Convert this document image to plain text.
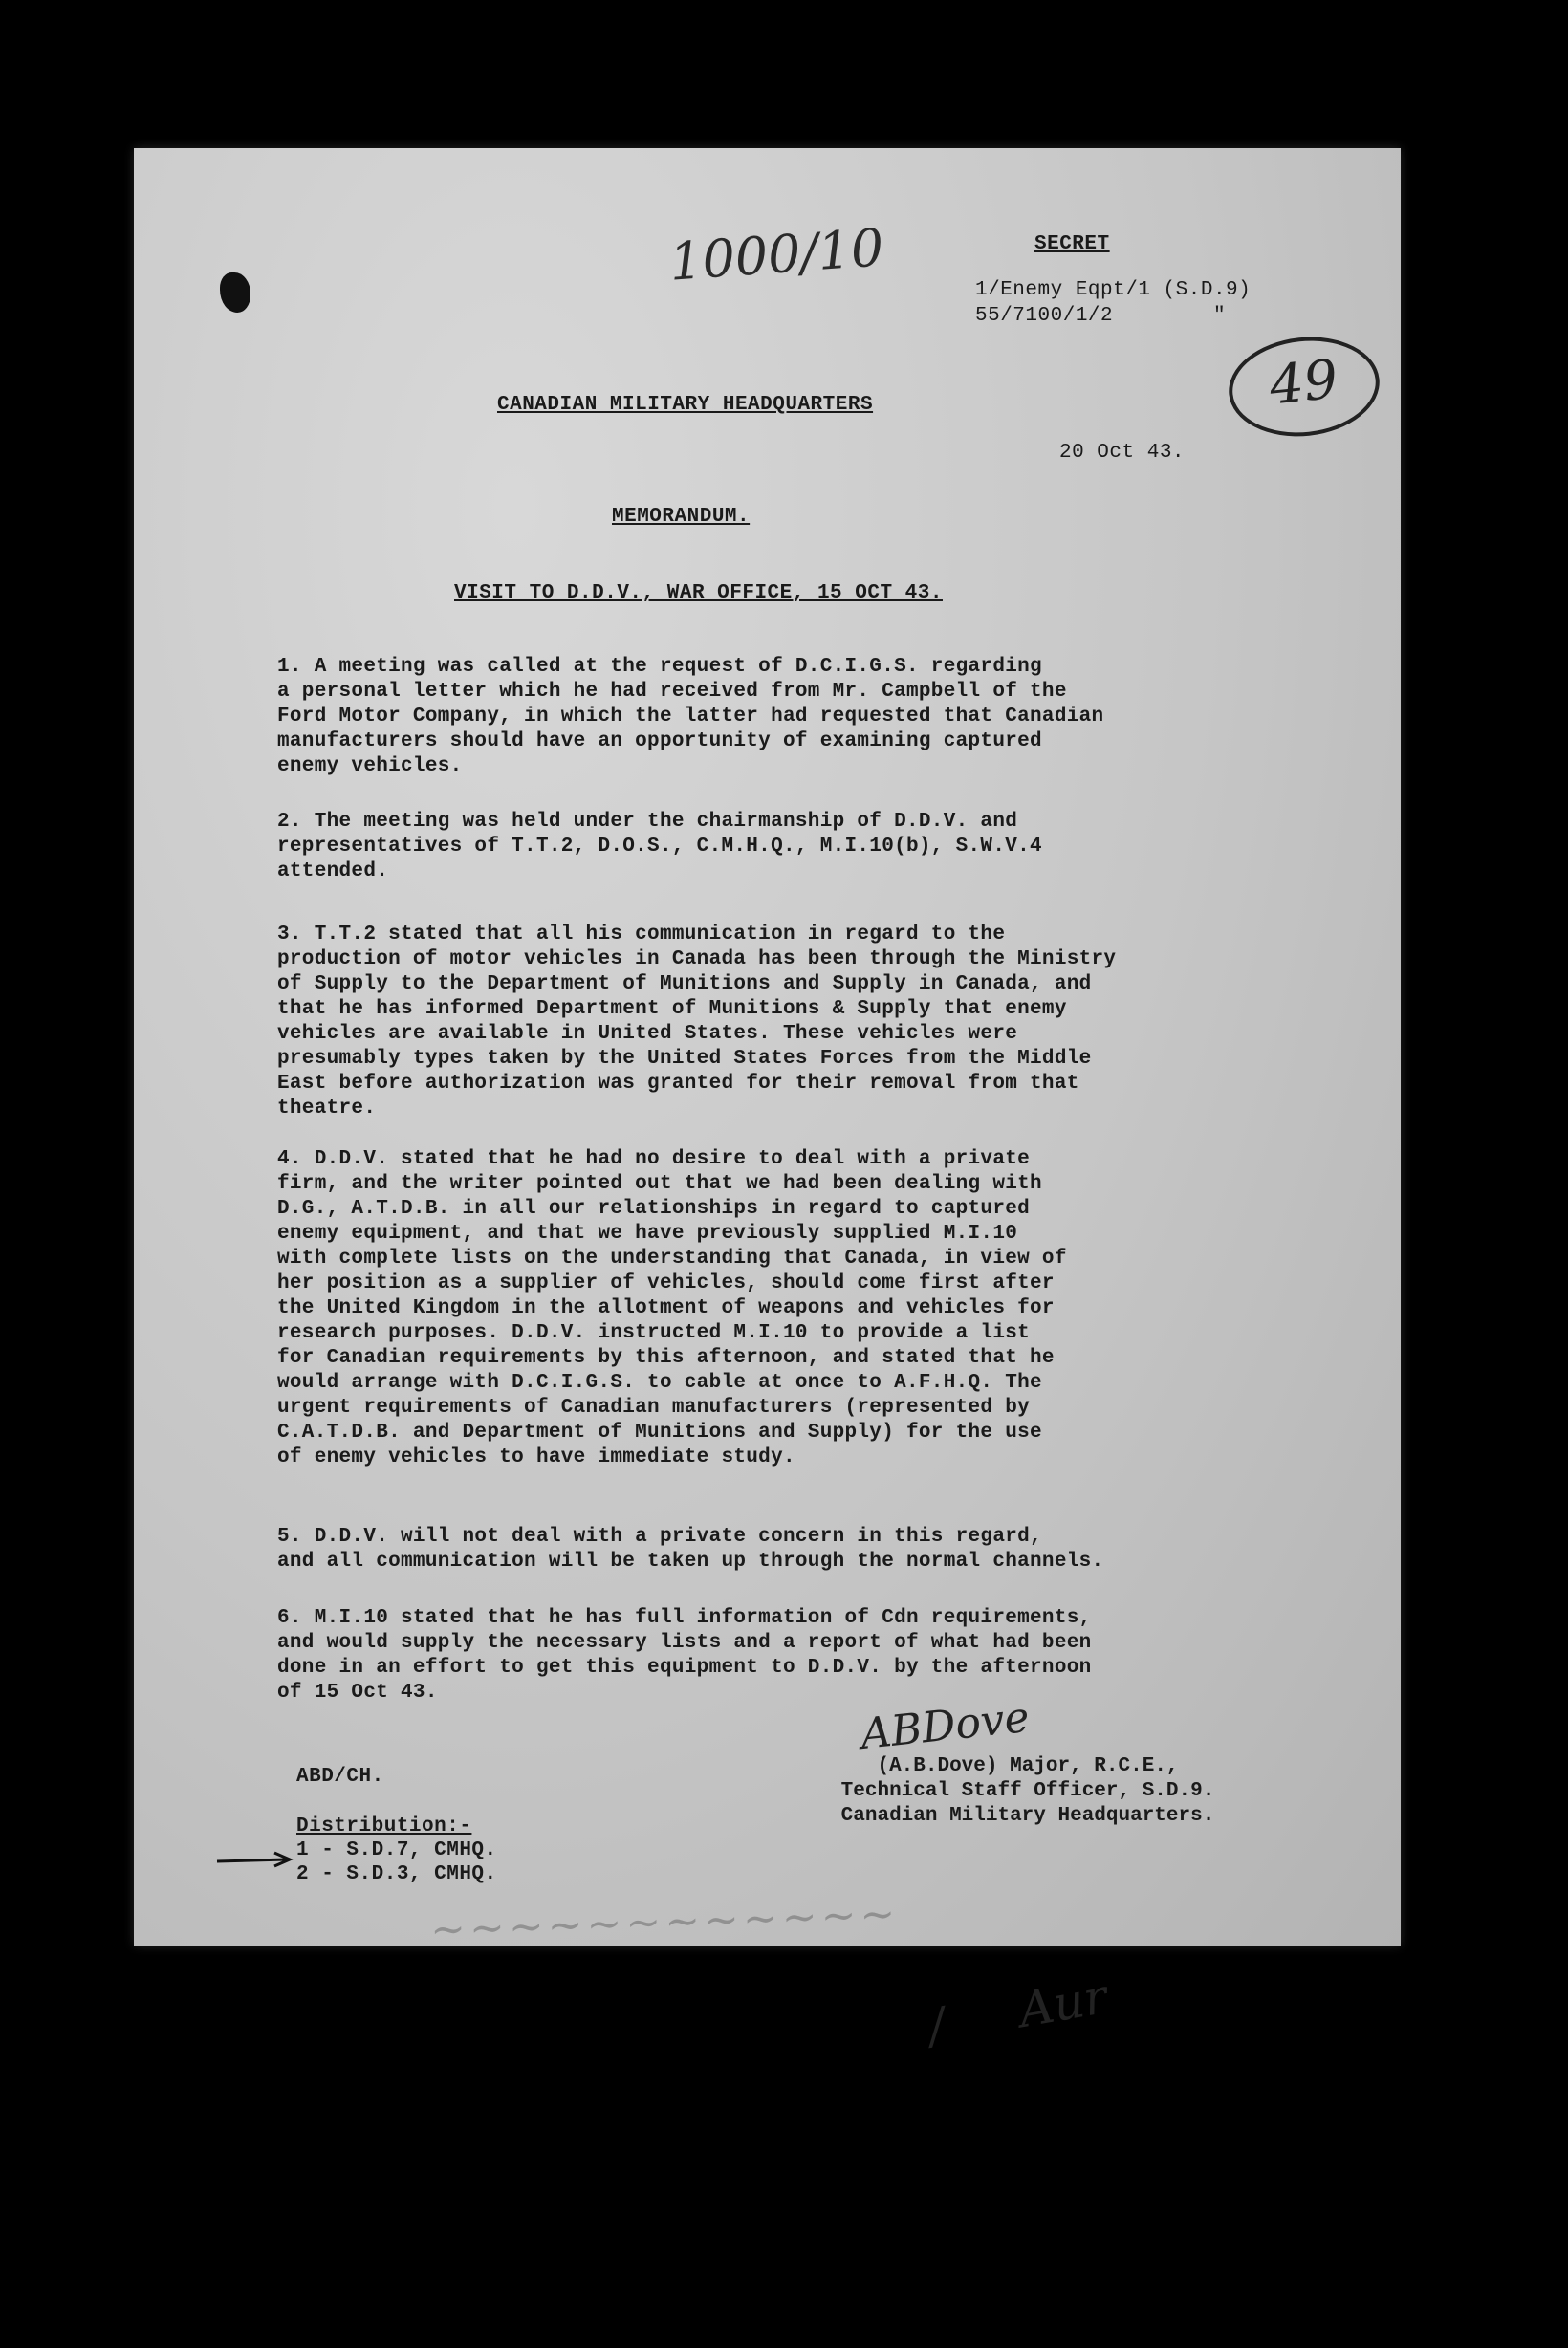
1000/10	SECRET
1/Enemy Eqpt/1 (S.D.9)
55/7100/1/2        "
49
CANADIAN MILITARY HEADQUARTERS
20 Oct 43.
MEMORANDUM.
VISIT TO D.D.V., WAR OFFICE, 15 OCT 43.
1. A meeting was called at the request of D.C.I.G.S. regarding
a personal letter which he had received from Mr. Campbell of the
Ford Motor Company, in which the latter had requested that Canadian
manufacturers should have an opportunity of examining captured
enemy vehicles.
2. The meeting was held under the chairmanship of D.D.V. and
representatives of T.T.2, D.O.S., C.M.H.Q., M.I.10(b), S.W.V.4
attended.
3. T.T.2 stated that all his communication in regard to the
production of motor vehicles in Canada has been through the Ministry
of Supply to the Department of Munitions and Supply in Canada, and
that he has informed Department of Munitions & Supply that enemy
vehicles are available in United States. These vehicles were
presumably types taken by the United States Forces from the Middle
East before authorization was granted for their removal from that
theatre.
4. D.D.V. stated that he had no desire to deal with a private
firm, and the writer pointed out that we had been dealing with
D.G., A.T.D.B. in all our relationships in regard to captured
enemy equipment, and that we have previously supplied M.I.10
with complete lists on the understanding that Canada, in view of
her position as a supplier of vehicles, should come first after
the United Kingdom in the allotment of weapons and vehicles for
research purposes. D.D.V. instructed M.I.10 to provide a list
for Canadian requirements by this afternoon, and stated that he
would arrange with D.C.I.G.S. to cable at once to A.F.H.Q. The
urgent requirements of Canadian manufacturers (represented by
C.A.T.D.B. and Department of Munitions and Supply) for the use
of enemy vehicles to have immediate study.
5. D.D.V. will not deal with a private concern in this regard,
and all communication will be taken up through the normal channels.
6. M.I.10 stated that he has full information of Cdn requirements,
and would supply the necessary lists and a report of what had been
done in an effort to get this equipment to D.D.V. by the afternoon
of 15 Oct 43.
ABDove
(A.B.Dove) Major, R.C.E.,
Technical Staff Officer, S.D.9.
Canadian Military Headquarters.
ABD/CH.
Distribution:-
1 - S.D.7, CMHQ.
2 - S.D.3, CMHQ.
~~~~~~~~~~~~
/     Aur
